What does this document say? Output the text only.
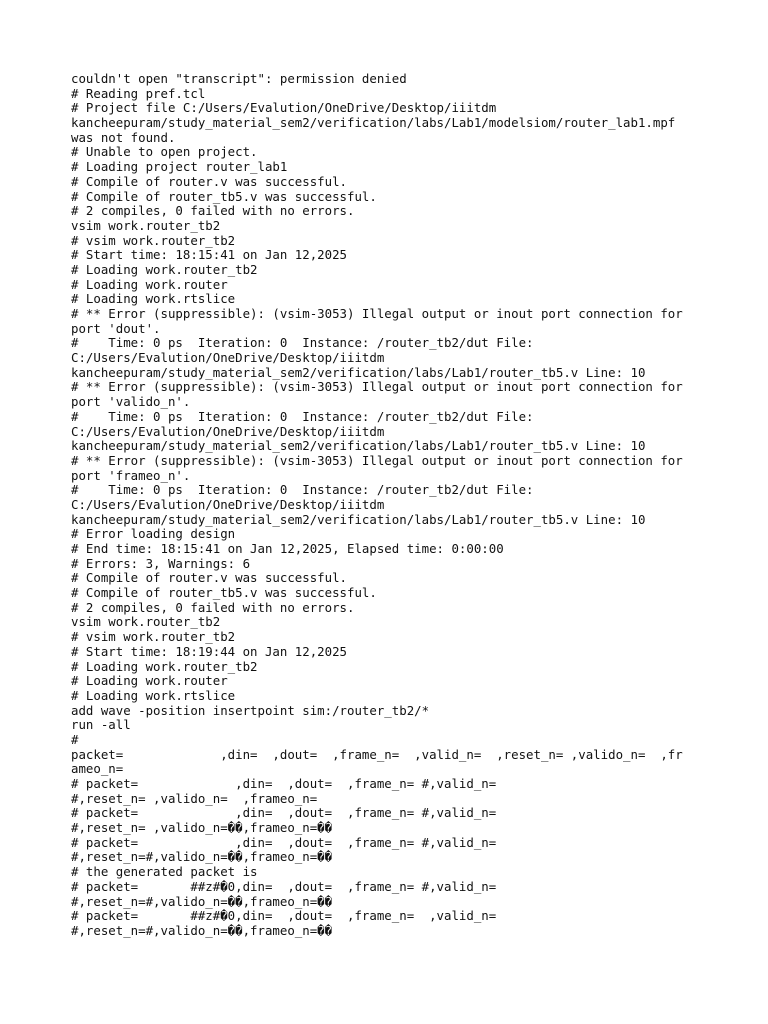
couldn't open "transcript": permission denied
# Reading pref.tcl
# Project file C:/Users/Evalution/OneDrive/Desktop/iiitdm
kancheepuram/study_material_sem2/verification/labs/Lab1/modelsiom/router_lab1.mpf
was not found.
# Unable to open project.
# Loading project router_lab1
# Compile of router.v was successful.
# Compile of router_tb5.v was successful.
# 2 compiles, 0 failed with no errors.
vsim work.router_tb2
# vsim work.router_tb2
# Start time: 18:15:41 on Jan 12,2025
# Loading work.router_tb2
# Loading work.router
# Loading work.rtslice
# ** Error (suppressible): (vsim-3053) Illegal output or inout port connection for
port 'dout'.
#    Time: 0 ps  Iteration: 0  Instance: /router_tb2/dut File:
C:/Users/Evalution/OneDrive/Desktop/iiitdm
kancheepuram/study_material_sem2/verification/labs/Lab1/router_tb5.v Line: 10
# ** Error (suppressible): (vsim-3053) Illegal output or inout port connection for
port 'valido_n'.
#    Time: 0 ps  Iteration: 0  Instance: /router_tb2/dut File:
C:/Users/Evalution/OneDrive/Desktop/iiitdm
kancheepuram/study_material_sem2/verification/labs/Lab1/router_tb5.v Line: 10
# ** Error (suppressible): (vsim-3053) Illegal output or inout port connection for
port 'frameo_n'.
#    Time: 0 ps  Iteration: 0  Instance: /router_tb2/dut File:
C:/Users/Evalution/OneDrive/Desktop/iiitdm
kancheepuram/study_material_sem2/verification/labs/Lab1/router_tb5.v Line: 10
# Error loading design
# End time: 18:15:41 on Jan 12,2025, Elapsed time: 0:00:00
# Errors: 3, Warnings: 6
# Compile of router.v was successful.
# Compile of router_tb5.v was successful.
# 2 compiles, 0 failed with no errors.
vsim work.router_tb2
# vsim work.router_tb2
# Start time: 18:19:44 on Jan 12,2025
# Loading work.router_tb2
# Loading work.router
# Loading work.rtslice
add wave -position insertpoint sim:/router_tb2/*
run -all
#
packet=             ,din=  ,dout=  ,frame_n=  ,valid_n=  ,reset_n= ,valido_n=  ,fr
ameo_n=
# packet=             ,din=  ,dout=  ,frame_n= #,valid_n=
#,reset_n= ,valido_n=  ,frameo_n=
# packet=             ,din=  ,dout=  ,frame_n= #,valid_n=
#,reset_n= ,valido_n=��,frameo_n=��
# packet=             ,din=  ,dout=  ,frame_n= #,valid_n=
#,reset_n=#,valido_n=��,frameo_n=��
# the generated packet is
# packet=       ##z#�0,din=  ,dout=  ,frame_n= #,valid_n=
#,reset_n=#,valido_n=��,frameo_n=��
# packet=       ##z#�0,din=  ,dout=  ,frame_n=  ,valid_n=
#,reset_n=#,valido_n=��,frameo_n=��
